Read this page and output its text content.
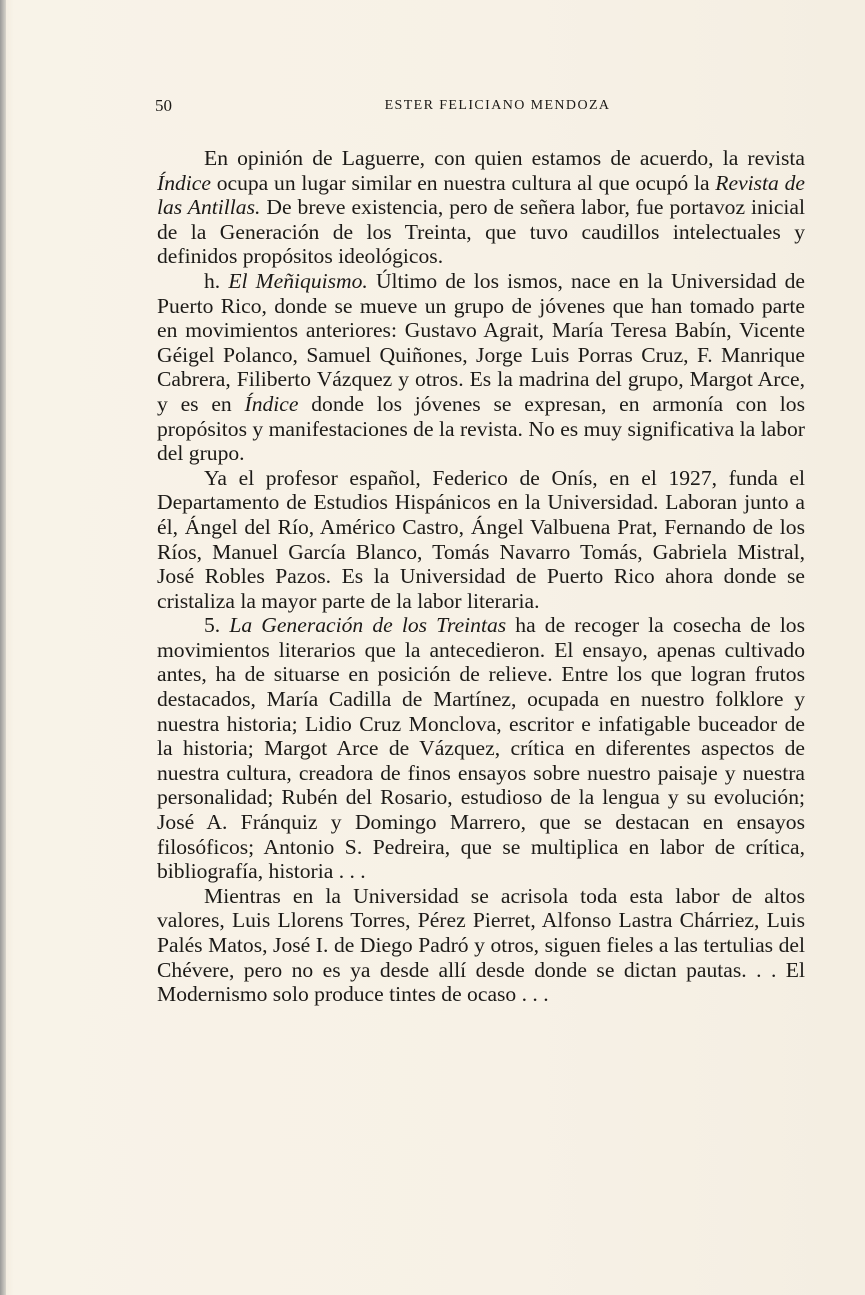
50	ESTER FELICIANO MENDOZA

En opinión de Laguerre, con quien estamos de acuerdo, la revista Índice ocupa un lugar similar en nuestra cultura al que ocupó la Revista de las Antillas. De breve existencia, pero de señera labor, fue portavoz inicial de la Generación de los Treinta, que tuvo caudillos intelectuales y definidos propósitos ideológicos.

h. El Meñiquismo. Último de los ismos, nace en la Universidad de Puerto Rico, donde se mueve un grupo de jóvenes que han tomado parte en movimientos anteriores: Gustavo Agrait, María Teresa Babín, Vicente Géigel Polanco, Samuel Quiñones, Jorge Luis Porras Cruz, F. Manrique Cabrera, Filiberto Vázquez y otros. Es la madrina del grupo, Margot Arce, y es en Índice donde los jóvenes se expresan, en armonía con los propósitos y manifestaciones de la revista. No es muy significativa la labor del grupo.

Ya el profesor español, Federico de Onís, en el 1927, funda el Departamento de Estudios Hispánicos en la Universidad. Laboran junto a él, Ángel del Río, Américo Castro, Ángel Valbuena Prat, Fernando de los Ríos, Manuel García Blanco, Tomás Navarro Tomás, Gabriela Mistral, José Robles Pazos. Es la Universidad de Puerto Rico ahora donde se cristaliza la mayor parte de la labor literaria.

5. La Generación de los Treintas ha de recoger la cosecha de los movimientos literarios que la antecedieron. El ensayo, apenas cultivado antes, ha de situarse en posición de relieve. Entre los que logran frutos destacados, María Cadilla de Martínez, ocupada en nuestro folklore y nuestra historia; Lidio Cruz Monclova, escritor e infatigable buceador de la historia; Margot Arce de Vázquez, crítica en diferentes aspectos de nuestra cultura, creadora de finos ensayos sobre nuestro paisaje y nuestra personalidad; Rubén del Rosario, estudioso de la lengua y su evolución; José A. Fránquiz y Domingo Marrero, que se destacan en ensayos filosóficos; Antonio S. Pedreira, que se multiplica en labor de crítica, bibliografía, historia . . .

Mientras en la Universidad se acrisola toda esta labor de altos valores, Luis Llorens Torres, Pérez Pierret, Alfonso Lastra Chárriez, Luis Palés Matos, José I. de Diego Padró y otros, siguen fieles a las tertulias del Chévere, pero no es ya desde allí desde donde se dictan pautas. . . El Modernismo solo produce tintes de ocaso . . .
